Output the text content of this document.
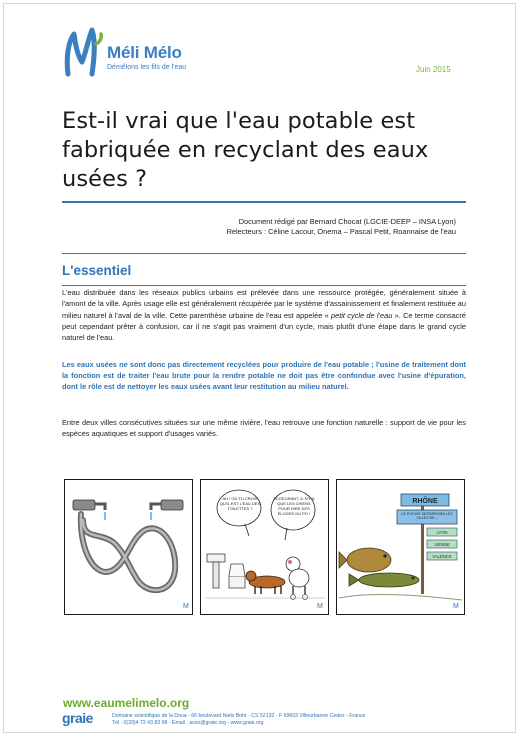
Méli Mélo
Démêlons les fils de l'eau	Juin 2015
Est-il vrai que l'eau potable est fabriquée en recyclant des eaux usées ?
Document rédigé par Bernard Chocat (LGCIE-DEEP – INSA Lyon)
Relecteurs : Céline Lacour, Onema – Pascal Petit, Roannaise de l'eau
L'essentiel

L'eau distribuée dans les réseaux publics urbains est prélevée dans une ressource protégée, généralement située à l'amont de la ville. Après usage elle est généralement récupérée par le système d'assainissement et finalement restituée au milieu naturel à l'aval de la ville. Cette parenthèse urbaine de l'eau est appelée « petit cycle de l'eau ». Ce terme consacré peut cependant prêter à confusion, car il ne s'agit pas vraiment d'un cycle, mais plutôt d'une étape dans le grand cycle naturel de l'eau.

Les eaux usées ne sont donc pas directement recyclées pour produire de l'eau potable ; l'usine de traitement dont la fonction est de traiter l'eau brute pour la rendre potable ne doit pas être confondue avec l'usine d'épuration, dont le rôle est de nettoyer les eaux usées avant leur restitution au milieu naturel.

Entre deux villes consécutives situées sur une même rivière, l'eau retrouve une fonction naturelle : support de vie pour les espèces aquatiques et support d'usages variés.

M
AH ! OÙ TU CROIS QU'IL EST L'EAU DES TOILETTES ?
ÉCOEURANT, IL N'Y A QUE LES CHIENS POUR DIRE DES ÉLOGES DU PO !
M
RHÔNE
LE FLEUVE DESSERVIRA LES VILLES DE...
LYON
VIENNE
VALENCE
M
www.eaumelimelo.org
graie	Domaine scientifique de la Doua - 66 boulevard Niels Bohr - CS 52132 - F 69603 Villeurbanne Cedex - France
Tél : 0(33)4 72 43 83 68 - Email : asso@graie.org - www.graie.org
